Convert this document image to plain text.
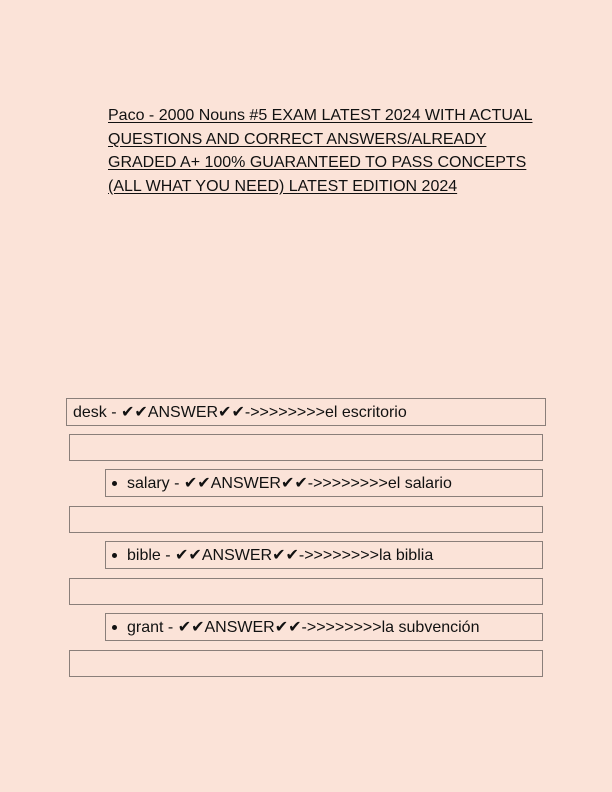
Paco - 2000 Nouns #5 EXAM LATEST 2024 WITH ACTUAL QUESTIONS AND CORRECT ANSWERS/ALREADY GRADED A+ 100% GUARANTEED TO PASS CONCEPTS (ALL WHAT YOU NEED) LATEST EDITION 2024
desk - ✔✔ANSWER✔✔->>>>>>>>el escritorio
salary - ✔✔ANSWER✔✔->>>>>>>>el salario
bible - ✔✔ANSWER✔✔->>>>>>>>la biblia
grant - ✔✔ANSWER✔✔->>>>>>>>la subvención
